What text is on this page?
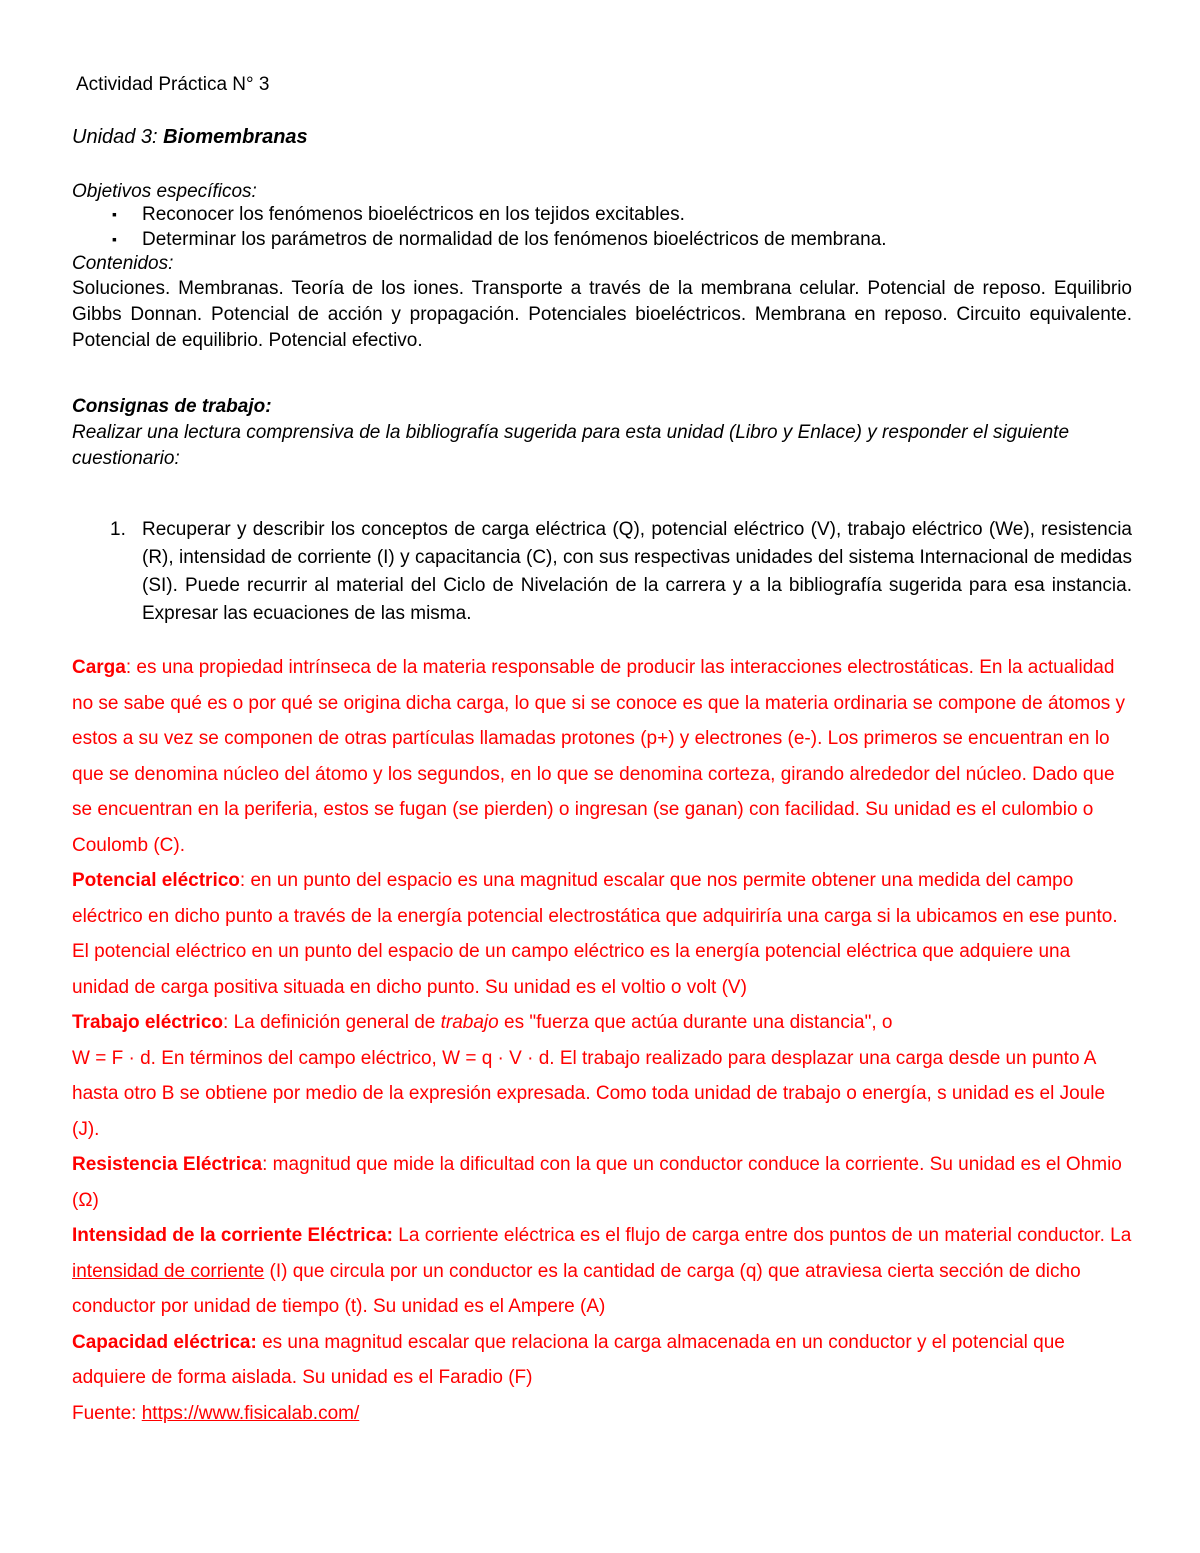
Actividad Práctica N° 3
Unidad 3: Biomembranas
Objetivos específicos:
▪ Reconocer los fenómenos bioeléctricos en los tejidos excitables.
▪ Determinar los parámetros de normalidad de los fenómenos bioeléctricos de membrana.
Contenidos:
Soluciones. Membranas. Teoría de los iones. Transporte a través de la membrana celular. Potencial de reposo. Equilibrio Gibbs Donnan. Potencial de acción y propagación. Potenciales bioeléctricos. Membrana en reposo. Circuito equivalente. Potencial de equilibrio. Potencial efectivo.
Consignas de trabajo:
Realizar una lectura comprensiva de la bibliografía sugerida para esta unidad (Libro y Enlace) y responder el siguiente cuestionario:
1. Recuperar y describir los conceptos de carga eléctrica (Q), potencial eléctrico (V), trabajo eléctrico (We), resistencia (R), intensidad de corriente (I) y capacitancia (C), con sus respectivas unidades del sistema Internacional de medidas (SI). Puede recurrir al material del Ciclo de Nivelación de la carrera y a la bibliografía sugerida para esa instancia. Expresar las ecuaciones de las misma.

Carga: es una propiedad intrínseca de la materia responsable de producir las interacciones electrostáticas. En la actualidad no se sabe qué es o por qué se origina dicha carga, lo que si se conoce es que la materia ordinaria se compone de átomos y estos a su vez se componen de otras partículas llamadas protones (p+) y electrones (e-). Los primeros se encuentran en lo que se denomina núcleo del átomo y los segundos, en lo que se denomina corteza, girando alrededor del núcleo. Dado que se encuentran en la periferia, estos se fugan (se pierden) o ingresan (se ganan) con facilidad. Su unidad es el culombio o Coulomb (C).

Potencial eléctrico: en un punto del espacio es una magnitud escalar que nos permite obtener una medida del campo eléctrico en dicho punto a través de la energía potencial electrostática que adquiriría una carga si la ubicamos en ese punto. El potencial eléctrico en un punto del espacio de un campo eléctrico es la energía potencial eléctrica que adquiere una unidad de carga positiva situada en dicho punto. Su unidad es el voltio o volt (V)

Trabajo eléctrico: La definición general de trabajo es "fuerza que actúa durante una distancia", o
W = F · d. En términos del campo eléctrico, W = q · V · d. El trabajo realizado para desplazar una carga desde un punto A hasta otro B se obtiene por medio de la expresión expresada. Como toda unidad de trabajo o energía, s unidad es el Joule (J).

Resistencia Eléctrica: magnitud que mide la dificultad con la que un conductor conduce la corriente. Su unidad es el Ohmio (Ω)

Intensidad de la corriente Eléctrica: La corriente eléctrica es el flujo de carga entre dos puntos de un material conductor. La intensidad de corriente (I) que circula por un conductor es la cantidad de carga (q) que atraviesa cierta sección de dicho conductor por unidad de tiempo (t). Su unidad es el Ampere (A)

Capacidad eléctrica: es una magnitud escalar que relaciona la carga almacenada en un conductor y el potencial que adquiere de forma aislada. Su unidad es el Faradio (F)

Fuente: https://www.fisicalab.com/
